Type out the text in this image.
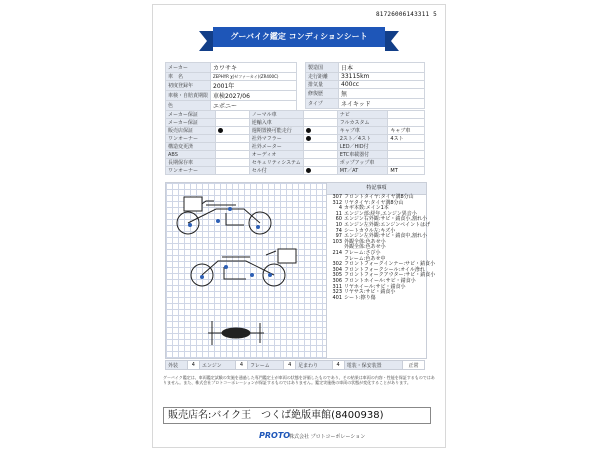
81726006143311 5
グーバイク鑑定 コンディションシート
メーカー	カワサキ
車　名	ZEPHYR χ(ゼファーカイ)(ZR400C)
初度登録年	2001年
車検・自賠責期限	車検2027/06
色	エボニー
製造国	日本
走行距離	33115km
排気量	400cc
修復歴	無
タイプ	ネイキッド
メーカー保証		ノーマル車		ナビ	
メーカー保証		逆輸入車		フルカスタム	
販売店保証		週期置換可能走行		キャブ車	キャブ車
ワンオーナー		社外マフラー		2スト／4スト	4スト
構造変更済		社外メーター		LED／HID付	
ABS		オーディオ		ETC車載器付	
長期保存車		セキュリティシステム		ポップアップ車	
ワンオーナー		セル付		MT／AT	MT
特記事項
307 フロントタイヤ:タイヤ溝8分山
312 リヤタイヤ:タイヤ溝8分山
4 カギ本数:メイン1本
11 エンジン部:経年,エンジン異音小
60 エンジン右外観:サビ・錆食小,割れ小
10 エンジン左外観:エンジンペイントはげ
74 シートカウル左:キズ小
97 エンジン左外観:サビ・錆食中,割れ小
103 外観全体:色あせ小
外観全体:色あせ小
214 フレーム:さび小
フレーム:色あせ中
302 フロントフォークインナー:サビ・錆食小
304 フロントフォークシール:オイル滲れ
305 フロントフォークアウター:サビ・錆食小
306 フロントホイール:サビ・錆食小
311 リヤホイール:サビ・錆食小
323 リヤサス:サビ・錆食小
401 シート:擦り傷
外装	4	エンジン	4	フレーム	4	足まわり	4	電装・保安装置	正常
グーバイク鑑定は、車両鑑定試験の実施を通過した専門鑑定士が車両の状態を評価したものであり、その結果は車両の内容・性能を保証するものではありません。また、株式会社プロトコーポレーションが保証するものではありません。鑑定実施後の車両の状態が変化することがあります。
販売店名:バイク王　つくば絶版車館(8400938)
PROTO
株式会社 プロトコーポレーション
